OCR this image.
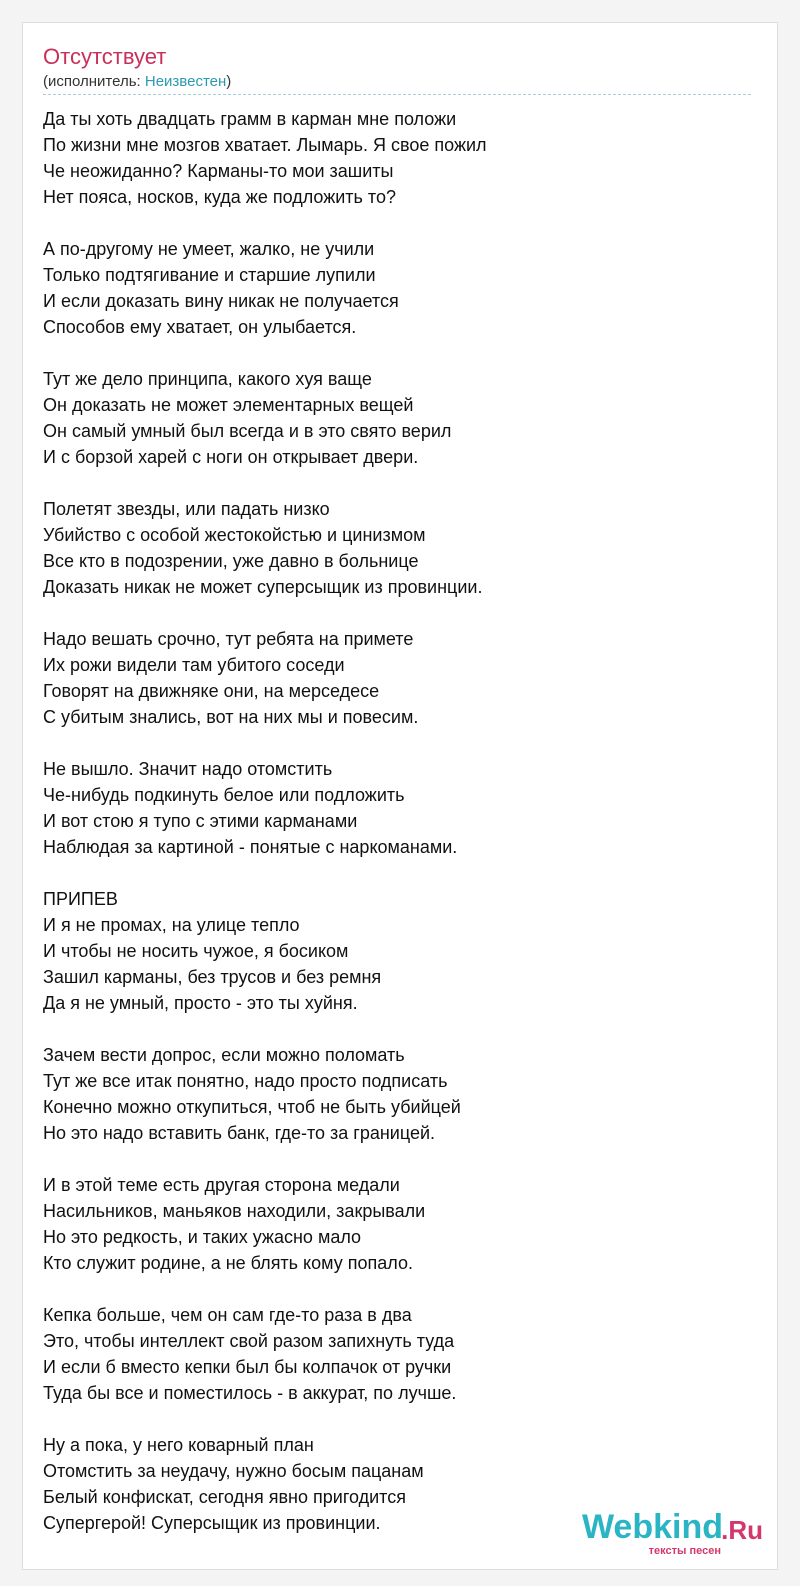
Отсутствует
(исполнитель: Неизвестен)
Да ты хоть двадцать грамм в карман мне положи
По жизни мне мозгов хватает. Лымарь. Я свое пожил
Че неожиданно? Карманы-то мои зашиты
Нет пояса, носков, куда же подложить то?
А по-другому не умеет, жалко, не учили
Только подтягивание и старшие лупили
И если доказать вину никак не получается
Способов ему хватает, он улыбается.
Тут же дело принципа, какого хуя ваще
Он доказать не может элементарных вещей
Он самый умный был всегда и в это свято верил
И с борзой харей с ноги он открывает двери.
Полетят звезды, или падать низко
Убийство с особой жестокойстью и цинизмом
Все кто в подозрении, уже давно в больнице
Доказать никак не может суперсыщик из провинции.
Надо вешать срочно, тут ребята на примете
Их рожи видели там убитого соседи
Говорят на движняке они, на мерседесе
С убитым знались, вот на них мы и повесим.
Не вышло. Значит надо отомстить
Че-нибудь подкинуть белое или подложить
И вот стою я тупо с этими карманами
Наблюдая за картиной - понятые с наркоманами.
ПРИПЕВ
И я не промах, на улице тепло
И чтобы не носить чужое, я босиком
Зашил карманы, без трусов и без ремня
Да я не умный, просто - это ты хуйня.
Зачем вести допрос, если можно поломать
Тут же все итак понятно, надо просто подписать
Конечно можно откупиться, чтоб не быть убийцей
Но это надо вставить банк, где-то за границей.
И в этой теме есть другая сторона медали
Насильников, маньяков находили, закрывали
Но это редкость, и таких ужасно мало
Кто служит родине, а не блять кому попало.
Кепка больше, чем он сам где-то раза в два
Это, чтобы интеллект свой разом запихнуть туда
И если б вместо кепки был бы колпачок от ручки
Туда бы все и поместилось - в аккурат, по лучше.
Ну а пока, у него коварный план
Отомстить за неудачу, нужно босым пацанам
Белый конфискат, сегодня явно пригодится
Супергерой! Суперсыщик из провинции.	Webkind
.Ru
тексты песен
